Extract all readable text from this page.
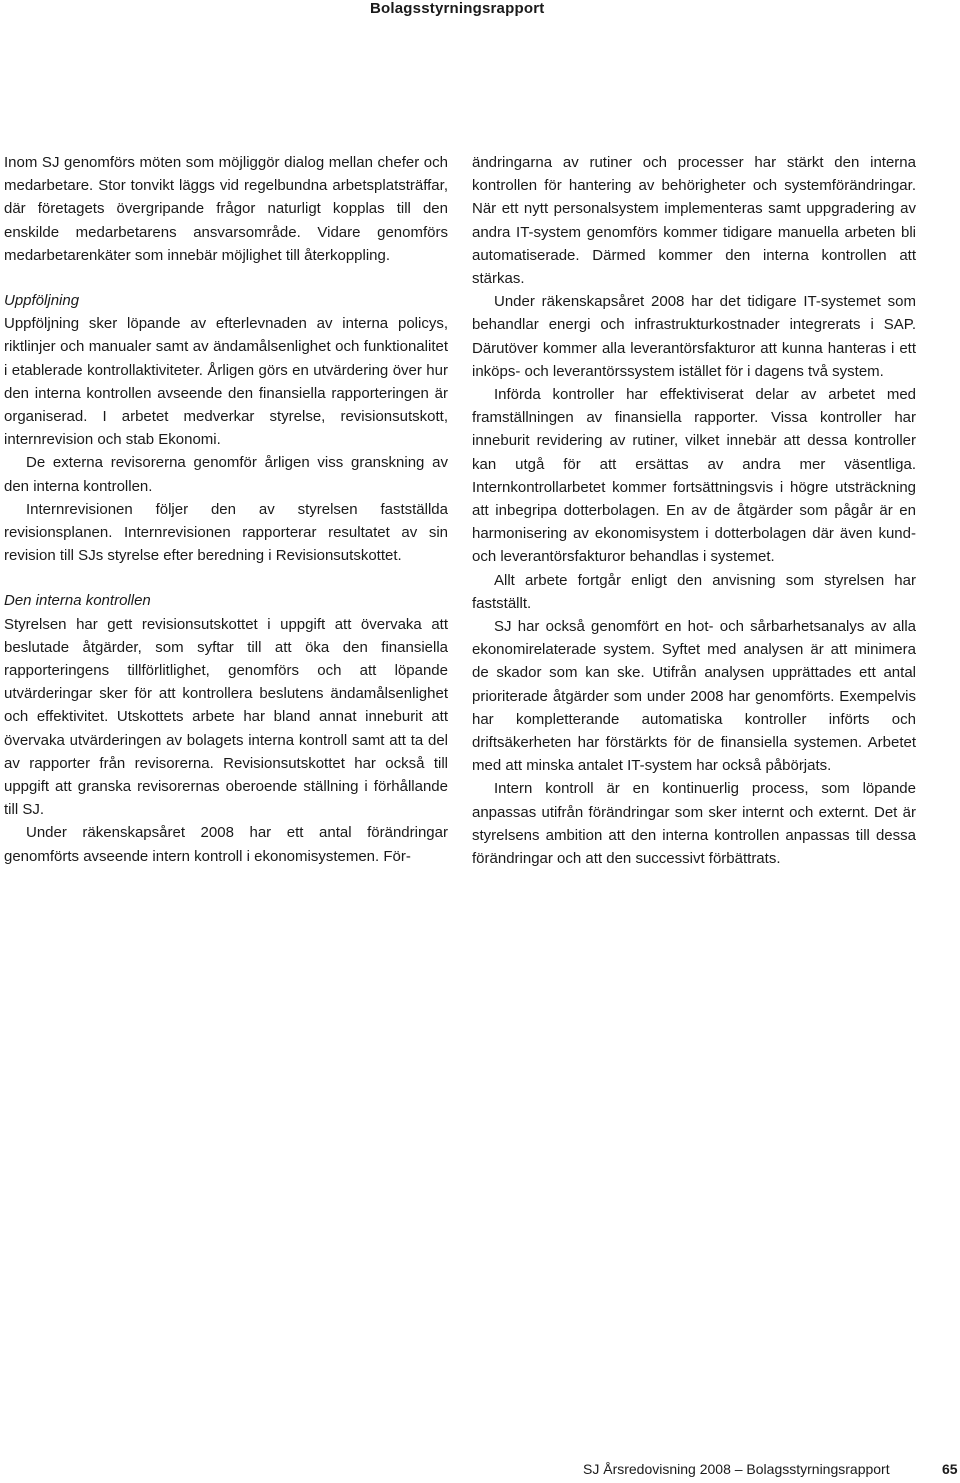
Bolagsstyrningsrapport

Inom SJ genomförs möten som möjliggör dialog mellan chefer och medarbetare. Stor tonvikt läggs vid regelbundna arbetsplatsträffar, där företagets övergripande frågor naturligt kopplas till den enskilde medarbetarens ansvarsområde. Vidare genomförs medarbetarenkäter som innebär möjlighet till återkoppling.

Uppföljning

Uppföljning sker löpande av efterlevnaden av interna policys, riktlinjer och manualer samt av ändamålsenlighet och funktionalitet i etablerade kontrollaktiviteter. Årligen görs en utvärdering över hur den interna kontrollen avseende den finansiella rapporteringen är organiserad. I arbetet medverkar styrelse, revisionsutskott, internrevision och stab Ekonomi.

De externa revisorerna genomför årligen viss granskning av den interna kontrollen.

Internrevisionen följer den av styrelsen fastställda revisionsplanen. Internrevisionen rapporterar resultatet av sin revision till SJs styrelse efter beredning i Revisionsutskottet.

Den interna kontrollen

Styrelsen har gett revisionsutskottet i uppgift att övervaka att beslutade åtgärder, som syftar till att öka den finansiella rapporteringens tillförlitlighet, genomförs och att löpande utvärderingar sker för att kontrollera beslutens ändamålsenlighet och effektivitet. Utskottets arbete har bland annat inneburit att övervaka utvärderingen av bolagets interna kontroll samt att ta del av rapporter från revisorerna. Revisionsutskottet har också till uppgift att granska revisorernas oberoende ställning i förhållande till SJ.

Under räkenskapsåret 2008 har ett antal förändringar genomförts avseende intern kontroll i ekonomisystemen. För-

ändringarna av rutiner och processer har stärkt den interna kontrollen för hantering av behörigheter och systemförändringar. När ett nytt personalsystem implementeras samt uppgradering av andra IT-system genomförs kommer tidigare manuella arbeten bli automatiserade. Därmed kommer den interna kontrollen att stärkas.

Under räkenskapsåret 2008 har det tidigare IT-systemet som behandlar energi och infrastrukturkostnader integrerats i SAP. Därutöver kommer alla leverantörsfakturor att kunna hanteras i ett inköps- och leverantörssystem istället för i dagens två system.

Införda kontroller har effektiviserat delar av arbetet med framställningen av finansiella rapporter. Vissa kontroller har inneburit revidering av rutiner, vilket innebär att dessa kontroller kan utgå för att ersättas av andra mer väsentliga. Internkontrollarbetet kommer fortsättningsvis i högre utsträckning att inbegripa dotterbolagen. En av de åtgärder som pågår är en harmonisering av ekonomisystem i dotterbolagen där även kund- och leverantörsfakturor behandlas i systemet.

Allt arbete fortgår enligt den anvisning som styrelsen har fastställt.

SJ har också genomfört en hot- och sårbarhetsanalys av alla ekonomirelaterade system. Syftet med analysen är att minimera de skador som kan ske. Utifrån analysen upprättades ett antal prioriterade åtgärder som under 2008 har genomförts. Exempelvis har kompletterande automatiska kontroller införts och driftsäkerheten har förstärkts för de finansiella systemen. Arbetet med att minska antalet IT-system har också påbörjats.

Intern kontroll är en kontinuerlig process, som löpande anpassas utifrån förändringar som sker internt och externt. Det är styrelsens ambition att den interna kontrollen anpassas till dessa förändringar och att den successivt förbättrats.

SJ Årsredovisning 2008 – Bolagsstyrningsrapport	65
